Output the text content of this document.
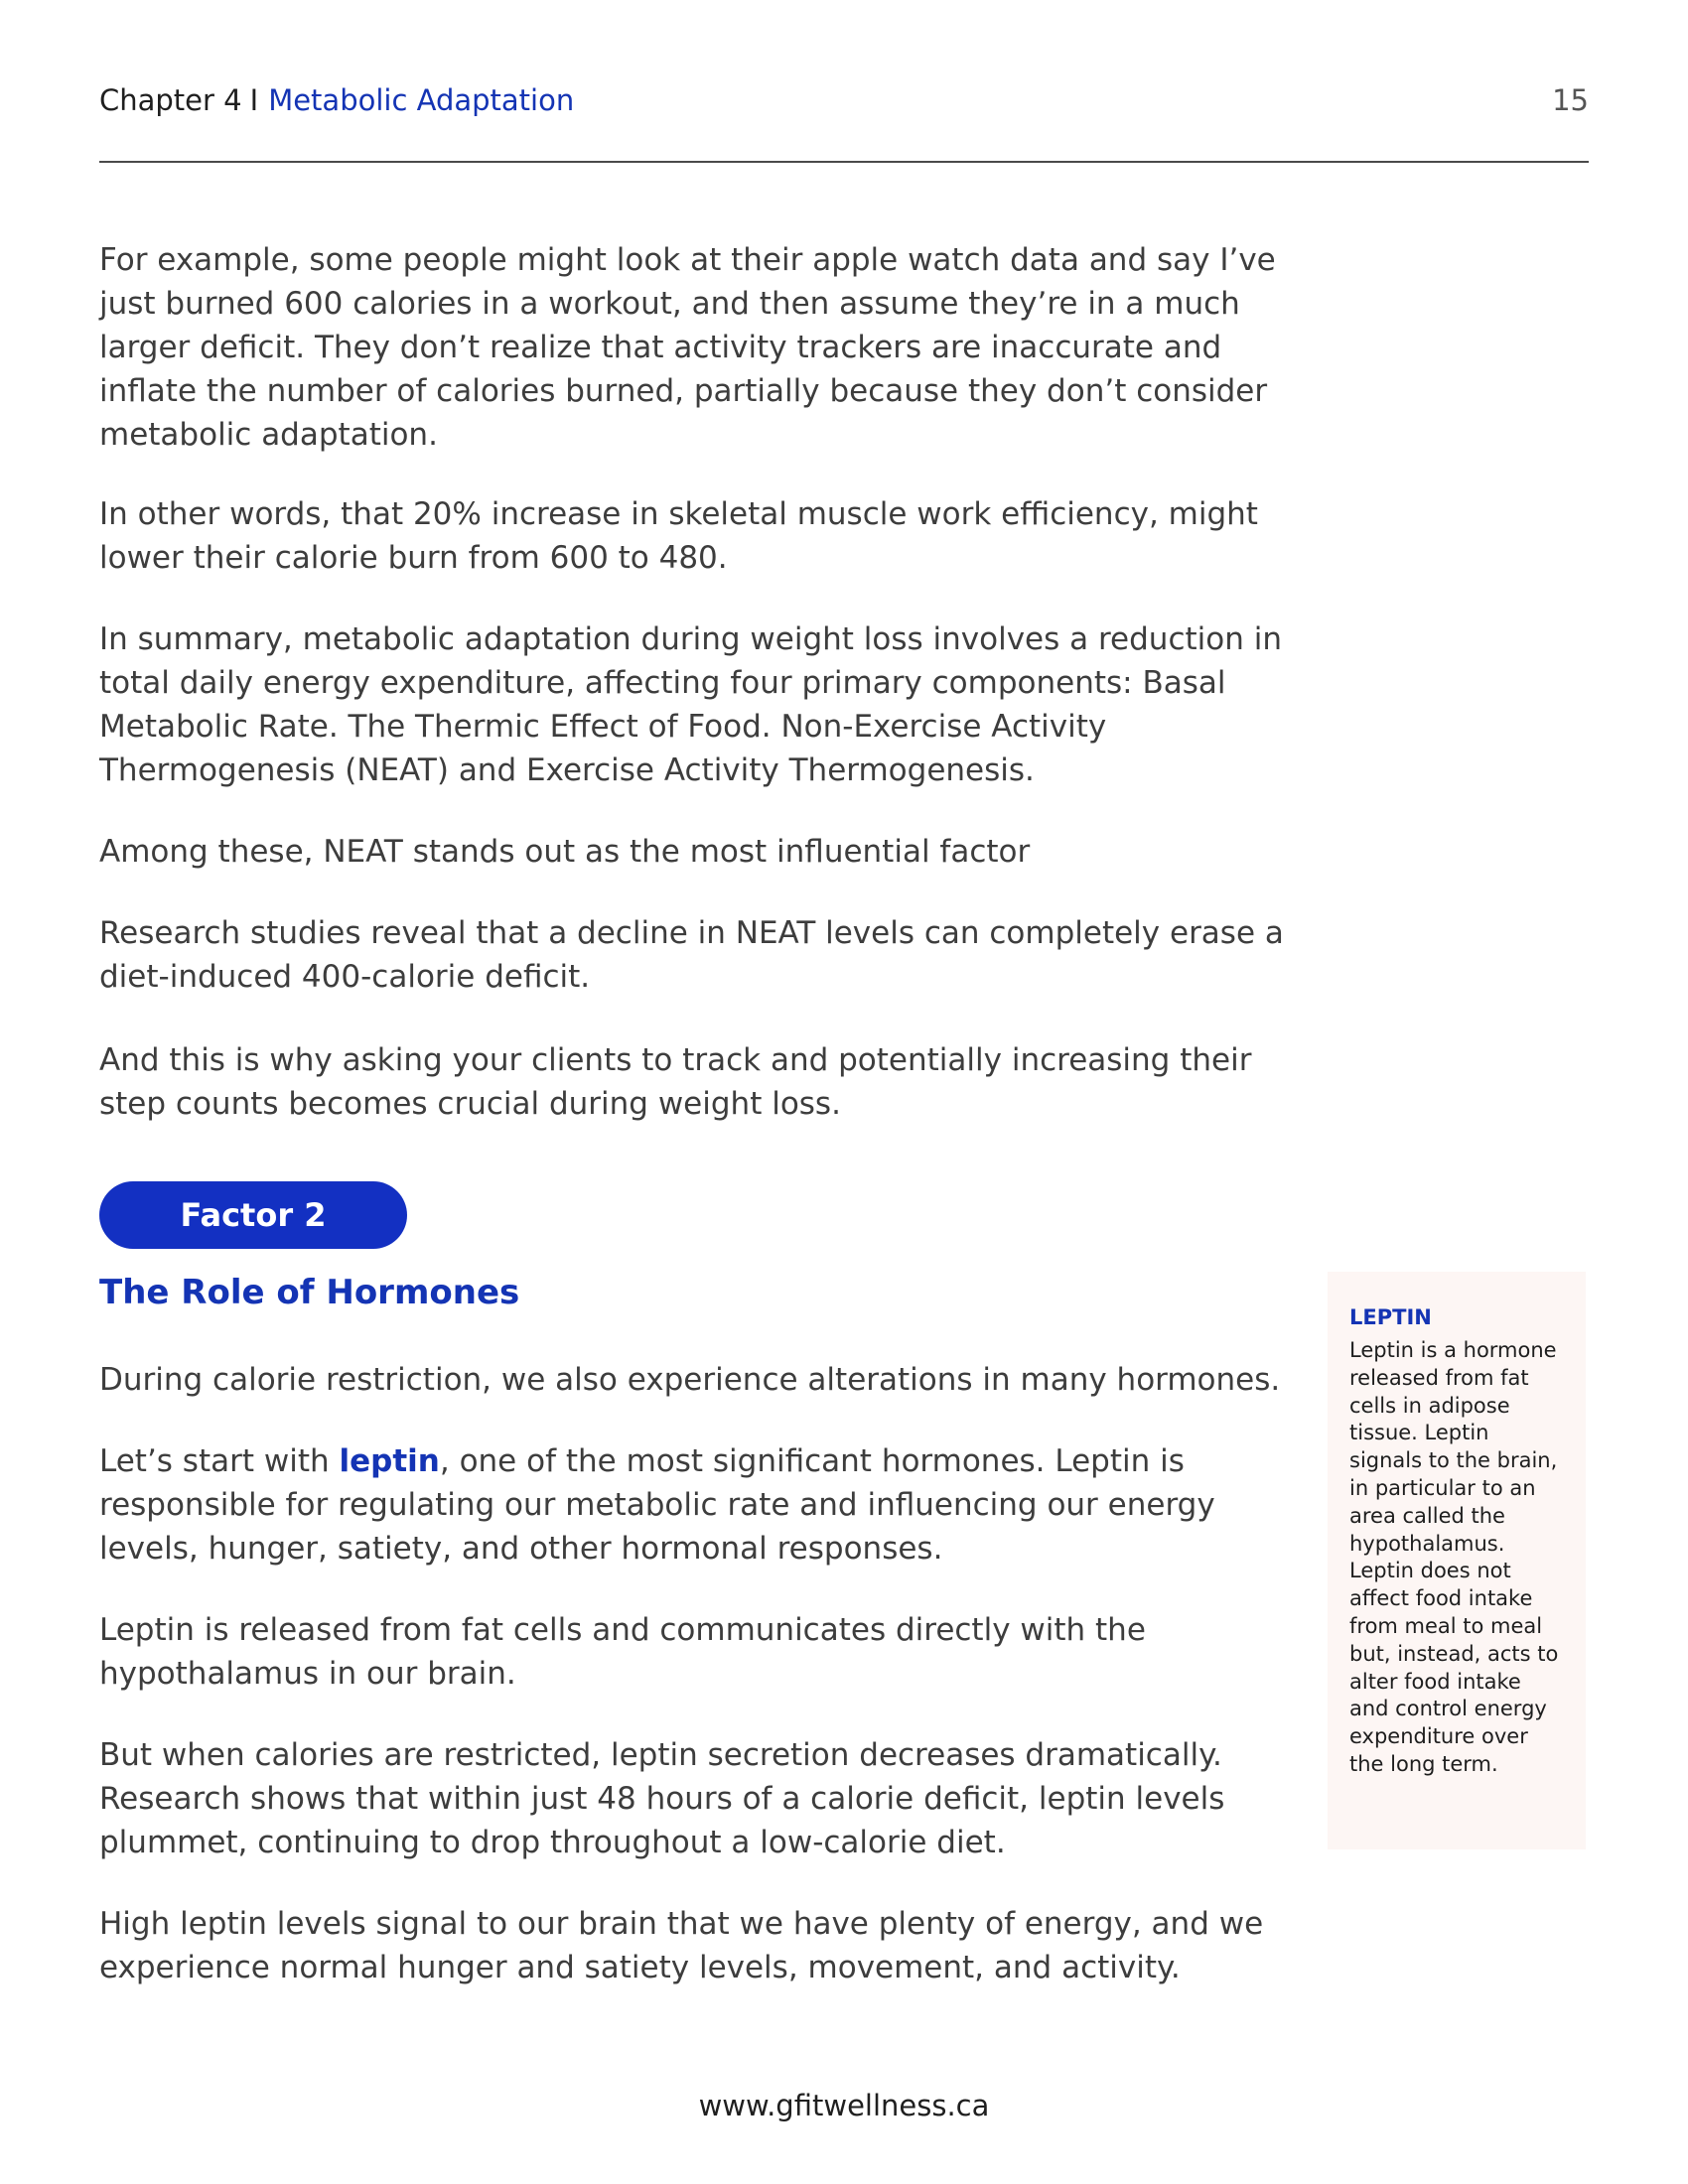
Chapter 4 I Metabolic Adaptation	15

For example, some people might look at their apple watch data and say I’ve just burned 600 calories in a workout, and then assume they’re in a much larger deficit. They don’t realize that activity trackers are inaccurate and inflate the number of calories burned, partially because they don’t consider metabolic adaptation.

In other words, that 20% increase in skeletal muscle work efficiency, might lower their calorie burn from 600 to 480.

In summary, metabolic adaptation during weight loss involves a reduction in total daily energy expenditure, affecting four primary components: Basal Metabolic Rate. The Thermic Effect of Food. Non-Exercise Activity Thermogenesis (NEAT) and Exercise Activity Thermogenesis.

Among these, NEAT stands out as the most influential factor

Research studies reveal that a decline in NEAT levels can completely erase a diet-induced 400-calorie deficit.

And this is why asking your clients to track and potentially increasing their step counts becomes crucial during weight loss.

Factor 2
The Role of Hormones

During calorie restriction, we also experience alterations in many hormones.

Let’s start with leptin, one of the most significant hormones. Leptin is responsible for regulating our metabolic rate and influencing our energy levels, hunger, satiety, and other hormonal responses.

Leptin is released from fat cells and communicates directly with the hypothalamus in our brain.

But when calories are restricted, leptin secretion decreases dramatically. Research shows that within just 48 hours of a calorie deficit, leptin levels plummet, continuing to drop throughout a low-calorie diet.

High leptin levels signal to our brain that we have plenty of energy, and we experience normal hunger and satiety levels, movement, and activity.

LEPTIN

Leptin is a hormone released from fat cells in adipose tissue. Leptin signals to the brain, in particular to an area called the hypothalamus. Leptin does not affect food intake from meal to meal but, instead, acts to alter food intake and control energy expenditure over the long term.

www.gfitwellness.ca
